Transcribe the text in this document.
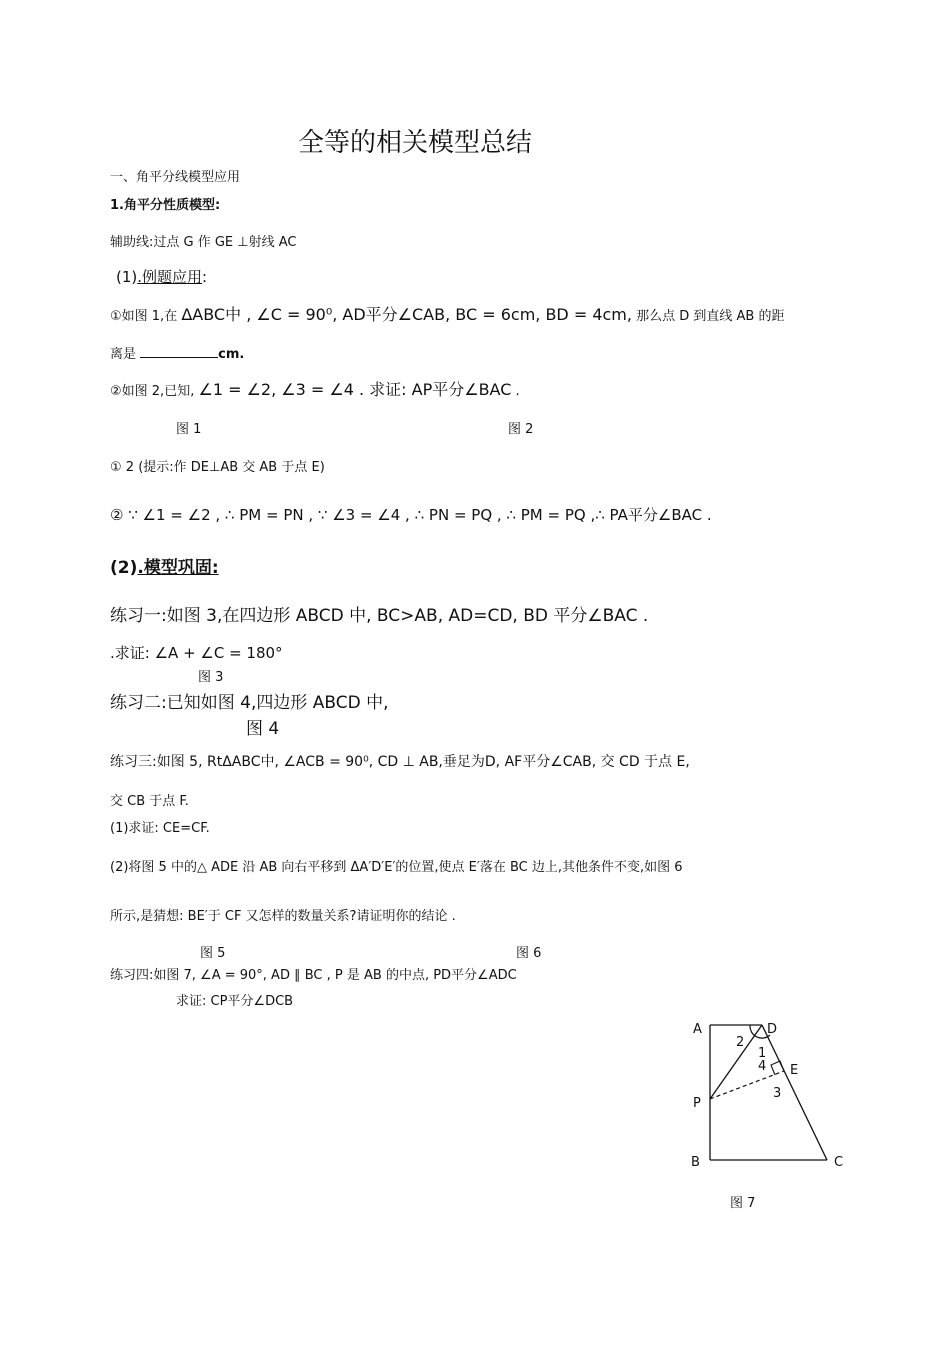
全等的相关模型总结
一、角平分线模型应用
1.角平分性质模型:
辅助线:过点 G 作 GE ⊥射线 AC
(1).例题应用:
①如图 1,在 ΔABC中 , ∠C = 90⁰, AD平分∠CAB, BC = 6cm, BD = 4cm, 那么点 D 到直线 AB 的距
离是	cm.
②如图 2,已知, ∠1 = ∠2, ∠3 = ∠4 . 求证: AP平分∠BAC .
图 1	图 2
① 2 (提示:作 DE⊥AB 交 AB 于点 E)
② ∵ ∠1 = ∠2 , ∴ PM = PN , ∵ ∠3 = ∠4 , ∴ PN = PQ , ∴ PM = PQ ,∴ PA平分∠BAC .
(2).模型巩固:
练习一:如图 3,在四边形 ABCD 中, BC>AB, AD=CD, BD 平分∠BAC .
.求证: ∠A + ∠C = 180°
图 3
练习二:已知如图 4,四边形 ABCD 中,
图 4
练习三:如图 5, RtΔABC中, ∠ACB = 90⁰, CD ⊥ AB,垂足为D, AF平分∠CAB, 交 CD 于点 E,
交 CB 于点 F.
(1)求证: CE=CF.
(2)将图 5 中的△ ADE 沿 AB 向右平移到 ΔA′D′E′的位置,使点 E′落在 BC 边上,其他条件不变,如图 6
所示,是猜想: BE′于 CF 又怎样的数量关系?请证明你的结论 .
图 5	图 6
练习四:如图 7, ∠A = 90°, AD ∥ BC , P 是 AB 的中点, PD平分∠ADC
求证: CP平分∠DCB
A	D
E
P
B	C
2
1
4
3
图 7
